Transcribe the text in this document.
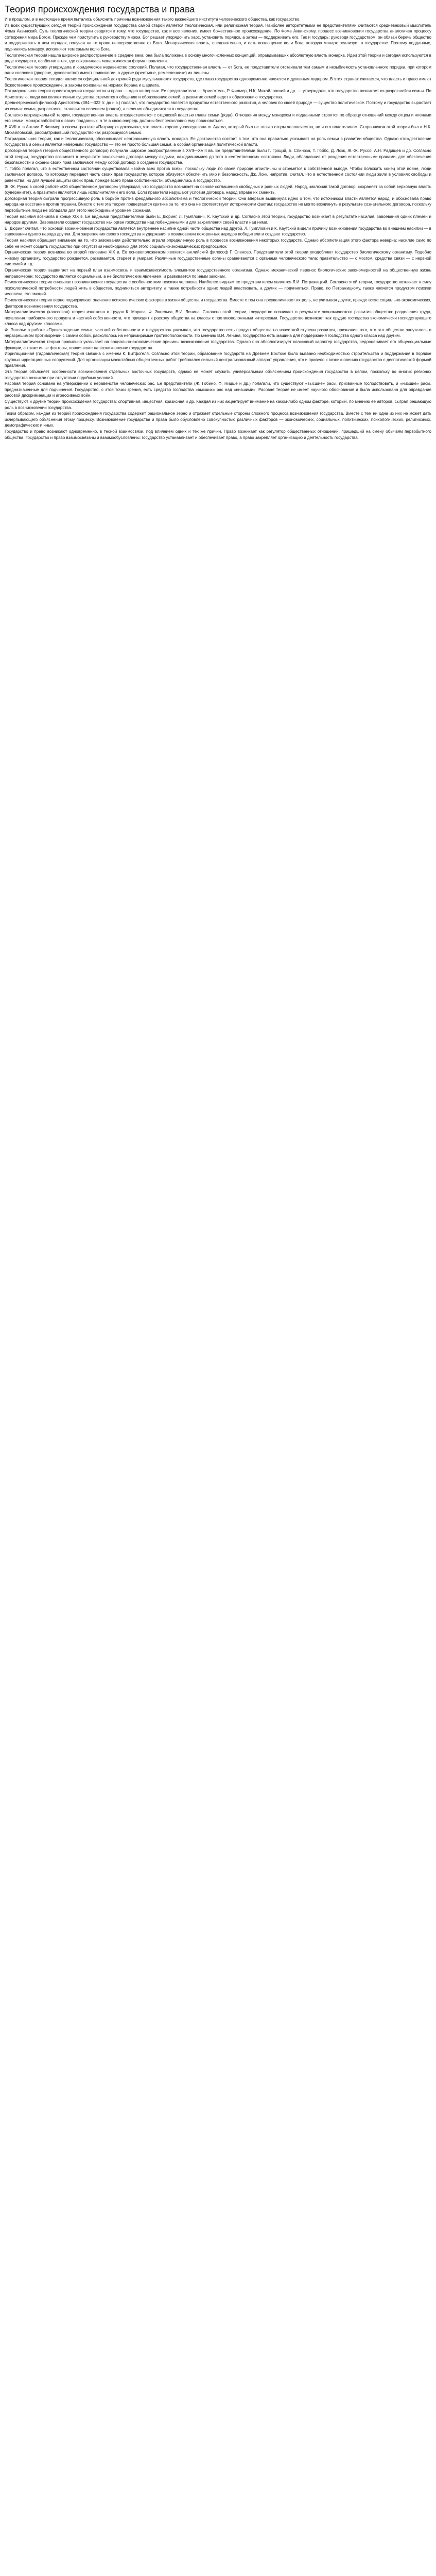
Теория происхождения государства и права

И в прошлом, и в настоящее время пытались объяснить причины возникновения такого важнейшего института человеческого общества, как государство.

Из всех существующих сегодня теорий происхождения государства самой старой является теологическая, или религиозная теория. Наиболее авторитетными ее представителями считаются средневековый мыслитель Фома Аквинский. Суть теологической теории сводится к тому, что государство, как и все явления, имеет божественное происхождение. По Фоме Аквинскому, процесс возникновения государства аналогичен процессу сотворения мира Богом. Прежде чем приступить к руководству миром, Бог решает упорядочить хаос, установить порядок, а затем — поддерживать его. Так и государь: руководя государством, он обязан беречь общество и поддерживать в нем порядок, получая на то право непосредственно от Бога. Монархическая власть, следовательно, и есть воплощение воли Бога, которую монарх реализует в государстве. Поэтому подданные, подчиняясь монарху, исполняют тем самым волю Бога.

Теологическая теория нашла широкое распространение в средние века: она была положена в основу многочисленных концепций, оправдывавших абсолютную власть монарха. Идеи этой теории и сегодня используются в ряде государств, особенно в тех, где сохранилась монархическая форма правления.

Теологическая теория утверждала и юридическое неравенство сословий. Полагая, что государственная власть — от Бога, ее представители отстаивали тем самым и незыблемость установленного порядка, при котором одни сословия (дворяне, духовенство) имеют привилегии, а другие (крестьяне, ремесленники) их лишены.

Теологическая теория сегодня является официальной доктриной ряда мусульманских государств, где глава государства одновременно является и духовным лидером. В этих странах считается, что власть и право имеют божественное происхождение, а законы основаны на нормах Корана и шариата.

Патриархальная теория происхождения государства и права — одна из первых. Ее представители — Аристотель, Р. Филмер, Н.К. Михайловский и др. — утверждали, что государство возникает из разросшейся семьи. По Аристотелю, люди как коллективные существа стремятся к общению и образованию семей, а развитие семей ведет к образованию государства.

Древнегреческий философ Аристотель (384—322 гг. до н.э.) полагал, что государство является продуктом естественного развития, а человек по своей природе — существо политическое. Поэтому и государство вырастает из семьи: семья, разрастаясь, становится селением (родом), а селения объединяются в государство.

Согласно патриархальной теории, государственная власть отождествляется с отцовской властью главы семьи (рода). Отношения между монархом и подданными строятся по образцу отношений между отцом и членами его семьи: монарх заботится о своих подданных, а те в свою очередь должны беспрекословно ему повиноваться.

В XVII в. в Англии Р. Филмер в своем трактате «Патриарх» доказывал, что власть короля унаследована от Адама, который был не только отцом человечества, но и его властелином. Сторонником этой теории был и Н.К. Михайловский, рассматривавший государство как разросшуюся семью.

Патриархальная теория, как и теологическая, обосновывает неограниченную власть монарха. Ее достоинство состоит в том, что она правильно указывает на роль семьи в развитии общества. Однако отождествление государства и семьи является неверным: государство — это не просто большая семья, а особая организация политической власти.

Договорная теория (теория общественного договора) получила широкое распространение в XVII—XVIII вв. Ее представителями были Г. Гроций, Б. Спиноза, Т. Гоббс, Д. Локк, Ж.-Ж. Руссо, А.Н. Радищев и др. Согласно этой теории, государство возникает в результате заключения договора между людьми, находившимися до того в «естественном» состоянии. Люди, обладавшие от рождения естественными правами, для обеспечения безопасности и охраны своих прав заключают между собой договор о создании государства.

Т. Гоббс полагал, что в естественном состоянии существовала «война всех против всех», поскольку люди по своей природе эгоистичны и стремятся к собственной выгоде. Чтобы положить конец этой войне, люди заключают договор, по которому передают часть своих прав государству, которое обязуется обеспечить мир и безопасность. Дж. Локк, напротив, считал, что в естественном состоянии люди жили в условиях свободы и равенства, но для лучшей защиты своих прав, прежде всего права собственности, объединились в государство.

Ж.-Ж. Руссо в своей работе «Об общественном договоре» утверждал, что государство возникает на основе соглашения свободных и равных людей. Народ, заключив такой договор, сохраняет за собой верховную власть (суверенитет), а правители являются лишь исполнителями его воли. Если правители нарушают условия договора, народ вправе их сменить.

Договорная теория сыграла прогрессивную роль в борьбе против феодального абсолютизма и теологической теории. Она впервые выдвинула идею о том, что источником власти является народ, и обосновала право народа на восстание против тирании. Вместе с тем эта теория подвергается критике за то, что она не соответствует историческим фактам: государство не могло возникнуть в результате сознательного договора, поскольку первобытные люди не обладали для этого необходимым уровнем сознания.

Теория насилия возникла в конце XIX в. Ее видными представителями были Е. Дюринг, Л. Гумплович, К. Каутский и др. Согласно этой теории, государство возникает в результате насилия, завоевания одних племен и народов другими. Завоеватели создают государство как орган господства над побежденными и для закрепления своей власти над ними.

Е. Дюринг считал, что основой возникновения государства является внутреннее насилие одной части общества над другой. Л. Гумплович и К. Каутский видели причину возникновения государства во внешнем насилии — в завоевании одного народа другим. Для закрепления своего господства и удержания в повиновении покоренных народов победители и создают государство.

Теория насилия обращает внимание на то, что завоевания действительно играли определенную роль в процессе возникновения некоторых государств. Однако абсолютизация этого фактора неверна: насилие само по себе не может создать государство при отсутствии необходимых для этого социально-экономических предпосылок.

Органическая теория возникла во второй половине XIX в. Ее основоположником является английский философ Г. Спенсер. Представители этой теории уподобляют государство биологическому организму. Подобно живому организму, государство рождается, развивается, стареет и умирает. Различные государственные органы сравниваются с органами человеческого тела: правительство — с мозгом, средства связи — с нервной системой и т.д.

Органическая теория выдвигает на первый план взаимосвязь и взаимозависимость элементов государственного организма. Однако механический перенос биологических закономерностей на общественную жизнь неправомерен: государство является социальным, а не биологическим явлением, и развивается по иным законам.

Психологическая теория связывает возникновение государства с особенностями психики человека. Наиболее видным ее представителем является Л.И. Петражицкий. Согласно этой теории, государство возникает в силу психологической потребности людей жить в обществе, подчиняться авторитету, а также потребности одних людей властвовать, а других — подчиняться. Право, по Петражицкому, также является продуктом психики человека, его эмоций.

Психологическая теория верно подчеркивает значение психологических факторов в жизни общества и государства. Вместе с тем она преувеличивает их роль, не учитывая других, прежде всего социально-экономических, факторов возникновения государства.

Материалистическая (классовая) теория изложена в трудах К. Маркса, Ф. Энгельса, В.И. Ленина. Согласно этой теории, государство возникает в результате экономического развития общества: разделения труда, появления прибавочного продукта и частной собственности, что приводит к расколу общества на классы с противоположными интересами. Государство возникает как орудие господства экономически господствующего класса над другими классами.

Ф. Энгельс в работе «Происхождение семьи, частной собственности и государства» указывал, что государство есть продукт общества на известной ступени развития, признание того, что это общество запуталось в неразрешимом противоречии с самим собой, раскололось на непримиримые противоположности. По мнению В.И. Ленина, государство есть машина для поддержания господства одного класса над другим.

Материалистическая теория правильно указывает на социально-экономические причины возникновения государства. Однако она абсолютизирует классовый характер государства, недооценивает его общесоциальные функции, а также иные факторы, повлиявшие на возникновение государства.

Ирригационная (гидравлическая) теория связана с именем К. Витфогеля. Согласно этой теории, образование государств на Древнем Востоке было вызвано необходимостью строительства и поддержания в порядке крупных ирригационных сооружений. Для организации масштабных общественных работ требовался сильный централизованный аппарат управления, что и привело к возникновению государства с деспотической формой правления.

Эта теория объясняет особенности возникновения отдельных восточных государств, однако не может служить универсальным объяснением происхождения государства в целом, поскольку во многих регионах государства возникли при отсутствии подобных условий.

Расовая теория основана на утверждении о неравенстве человеческих рас. Ее представители (Ж. Гобино, Ф. Ницше и др.) полагали, что существуют «высшие» расы, призванные господствовать, и «низшие» расы, предназначенные для подчинения. Государство, с этой точки зрения, есть средство господства «высших» рас над «низшими». Расовая теория не имеет научного обоснования и была использована для оправдания расовой дискриминации и агрессивных войн.

Существуют и другие теории происхождения государства: спортивная, инцестная, кризисная и др. Каждая из них акцентирует внимание на каком-либо одном факторе, который, по мнению ее авторов, сыграл решающую роль в возникновении государства.

Таким образом, каждая из теорий происхождения государства содержит рациональное зерно и отражает отдельные стороны сложного процесса возникновения государства. Вместе с тем ни одна из них не может дать исчерпывающего объяснения этому процессу. Возникновение государства и права было обусловлено совокупностью различных факторов — экономических, социальных, политических, психологических, религиозных, демографических и иных.

Государство и право возникают одновременно, в тесной взаимосвязи, под влиянием одних и тех же причин. Право возникает как регулятор общественных отношений, пришедший на смену обычаям первобытного общества. Государство и право взаимосвязаны и взаимообусловлены: государство устанавливает и обеспечивает право, а право закрепляет организацию и деятельность государства.
